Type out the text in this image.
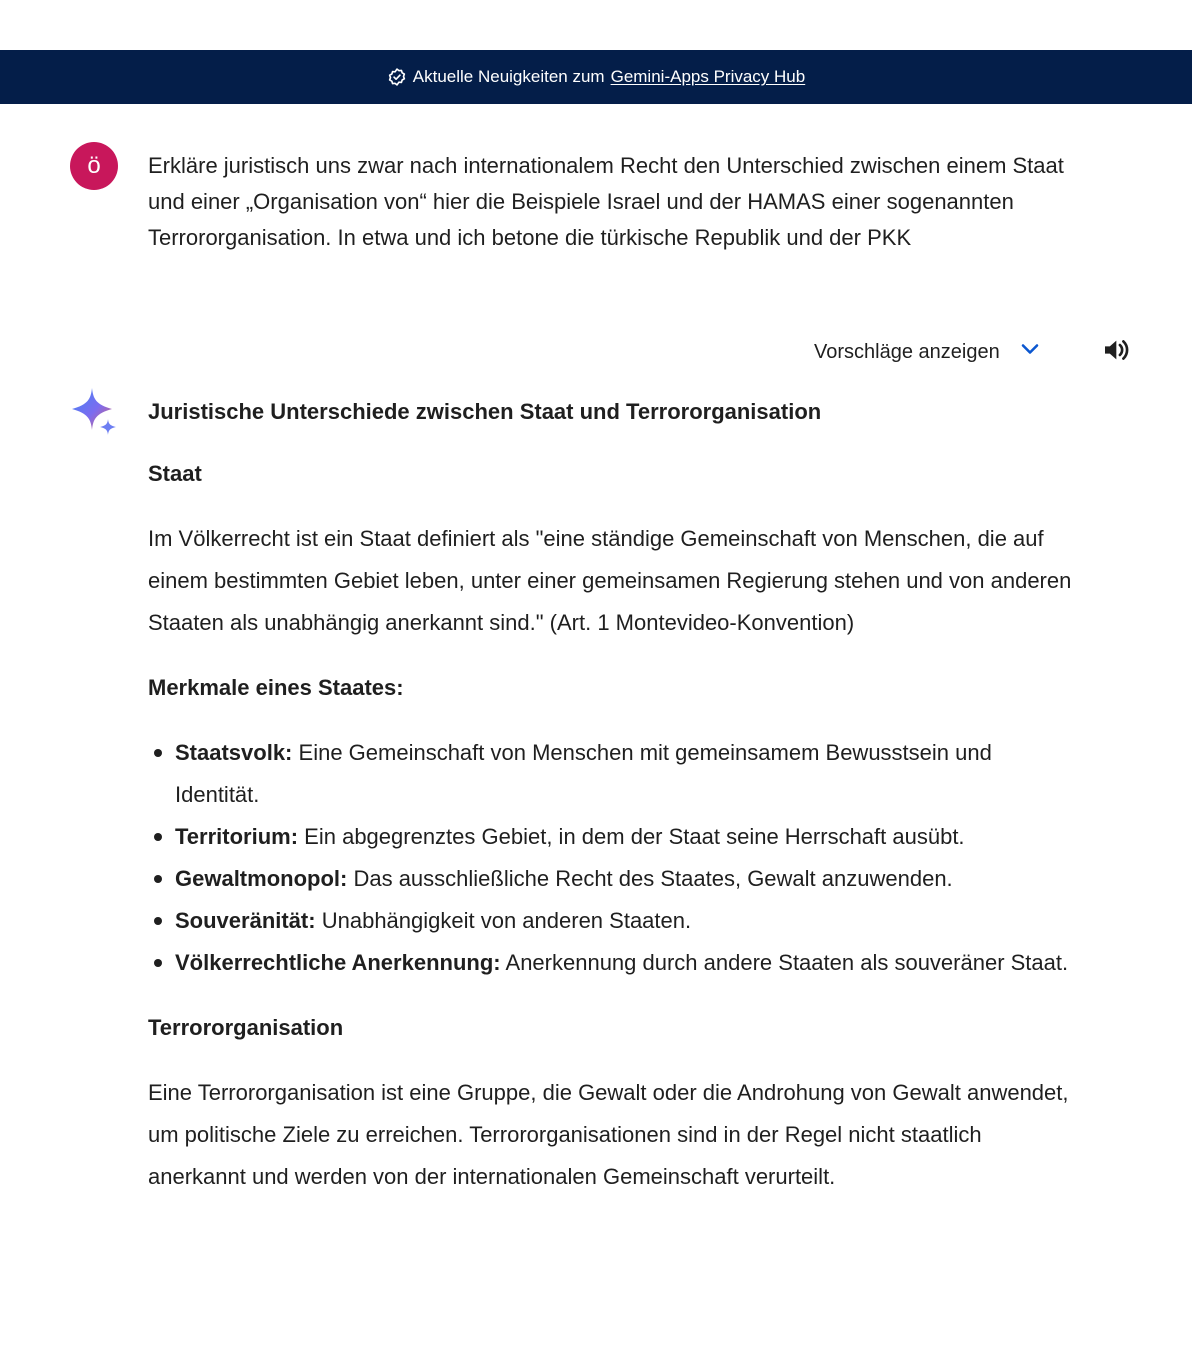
Aktuelle Neuigkeiten zum Gemini-Apps Privacy Hub
ö Erkläre juristisch uns zwar nach internationalem Recht den Unterschied zwischen einem Staat und einer „Organisation von“ hier die Beispiele Israel und der HAMAS einer sogenannten Terrororganisation. In etwa und ich betone die türkische Republik und der PKK
Vorschläge anzeigen
Juristische Unterschiede zwischen Staat und Terrororganisation
Staat

Im Völkerrecht ist ein Staat definiert als "eine ständige Gemeinschaft von Menschen, die auf einem bestimmten Gebiet leben, unter einer gemeinsamen Regierung stehen und von anderen Staaten als unabhängig anerkannt sind." (Art. 1 Montevideo-Konvention)

Merkmale eines Staates:
Staatsvolk: Eine Gemeinschaft von Menschen mit gemeinsamem Bewusstsein und Identität.
Territorium: Ein abgegrenztes Gebiet, in dem der Staat seine Herrschaft ausübt.
Gewaltmonopol: Das ausschließliche Recht des Staates, Gewalt anzuwenden.
Souveränität: Unabhängigkeit von anderen Staaten.
Völkerrechtliche Anerkennung: Anerkennung durch andere Staaten als souveräner Staat.
Terrororganisation

Eine Terrororganisation ist eine Gruppe, die Gewalt oder die Androhung von Gewalt anwendet, um politische Ziele zu erreichen. Terrororganisationen sind in der Regel nicht staatlich anerkannt und werden von der internationalen Gemeinschaft verurteilt.
